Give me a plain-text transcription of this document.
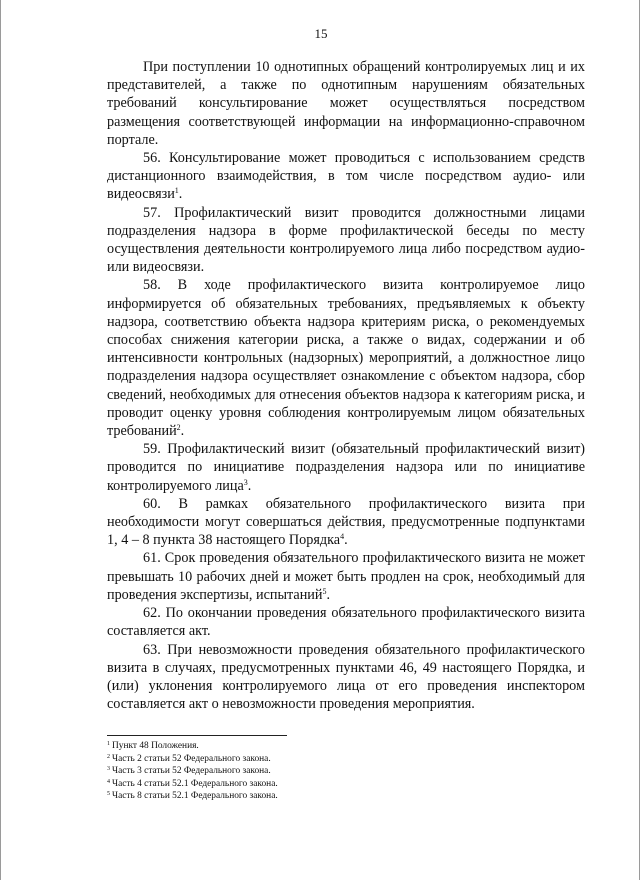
15

При поступлении 10 однотипных обращений контролируемых лиц и их представителей, а также по однотипным нарушениям обязательных требований консультирование может осуществляться посредством размещения соответствующей информации на информационно-справочном портале.

56. Консультирование может проводиться с использованием средств дистанционного взаимодействия, в том числе посредством аудио- или видеосвязи$^1$.

57. Профилактический визит проводится должностными лицами подразделения надзора в форме профилактической беседы по месту осуществления деятельности контролируемого лица либо посредством аудио- или видеосвязи.

58. В ходе профилактического визита контролируемое лицо информируется об обязательных требованиях, предъявляемых к объекту надзора, соответствию объекта надзора критериям риска, о рекомендуемых способах снижения категории риска, а также о видах, содержании и об интенсивности контрольных (надзорных) мероприятий, а должностное лицо подразделения надзора осуществляет ознакомление с объектом надзора, сбор сведений, необходимых для отнесения объектов надзора к категориям риска, и проводит оценку уровня соблюдения контролируемым лицом обязательных требований$^2$.

59. Профилактический визит (обязательный профилактический визит) проводится по инициативе подразделения надзора или по инициативе контролируемого лица$^3$.

60. В рамках обязательного профилактического визита при необходимости могут совершаться действия, предусмотренные подпунктами 1, 4 – 8 пункта 38 настоящего Порядка$^4$.

61. Срок проведения обязательного профилактического визита не может превышать 10 рабочих дней и может быть продлен на срок, необходимый для проведения экспертизы, испытаний$^5$.

62. По окончании проведения обязательного профилактического визита составляется акт.

63. При невозможности проведения обязательного профилактического визита в случаях, предусмотренных пунктами 46, 49 настоящего Порядка, и (или) уклонения контролируемого лица от его проведения инспектором составляется акт о невозможности проведения мероприятия.

$^1$ Пункт 48 Положения.
$^2$ Часть 2 статьи 52 Федерального закона.
$^3$ Часть 3 статьи 52 Федерального закона.
$^4$ Часть 4 статьи 52.1 Федерального закона.
$^5$ Часть 8 статьи 52.1 Федерального закона.
